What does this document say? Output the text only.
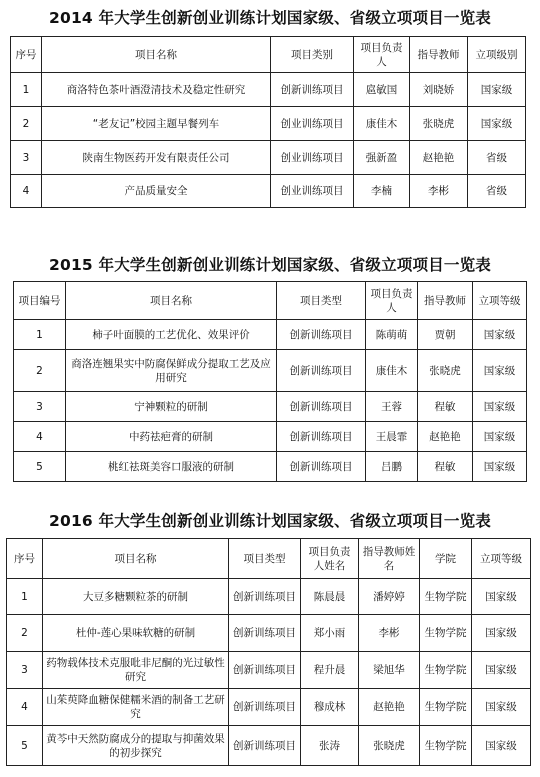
2014 年大学生创新创业训练计划国家级、省级立项项目一览表
序号	项目名称	项目类别	项目负责人	指导教师	立项级别
1	商洛特色茶叶酒澄清技术及稳定性研究	创新训练项目	扈敏国	刘晓娇	国家级
2	“老友记”校园主题早餐列车	创业训练项目	康佳木	张晓虎	国家级
3	陕南生物医药开发有限责任公司	创业训练项目	强新盈	赵艳艳	省级
4	产品质量安全	创业训练项目	李楠	李彬	省级
2015 年大学生创新创业训练计划国家级、省级立项项目一览表
项目编号	项目名称	项目类型	项目负责人	指导教师	立项等级
1	柿子叶面膜的工艺优化、效果评价	创新训练项目	陈萌萌	贾朝	国家级
2	商洛连翘果实中防腐保鲜成分提取工艺及应用研究	创新训练项目	康佳木	张晓虎	国家级
3	宁神颗粒的研制	创新训练项目	王蓉	程敏	国家级
4	中药祛疤膏的研制	创新训练项目	王晨霏	赵艳艳	国家级
5	桃红祛斑美容口服液的研制	创新训练项目	吕鹏	程敏	国家级
2016 年大学生创新创业训练计划国家级、省级立项项目一览表
序号	项目名称	项目类型	项目负责人姓名	指导教师姓名	学院	立项等级
1	大豆多糖颗粒茶的研制	创新训练项目	陈晨晨	潘婷婷	生物学院	国家级
2	杜仲-莲心果味软糖的研制	创新训练项目	郑小雨	李彬	生物学院	国家级
3	药物载体技术克服吡非尼酮的光过敏性研究	创新训练项目	程升晨	梁旭华	生物学院	国家级
4	山茱萸降血糖保健糯米酒的制备工艺研究	创新训练项目	穆成林	赵艳艳	生物学院	国家级
5	黄芩中天然防腐成分的提取与抑菌效果的初步探究	创新训练项目	张涛	张晓虎	生物学院	国家级
